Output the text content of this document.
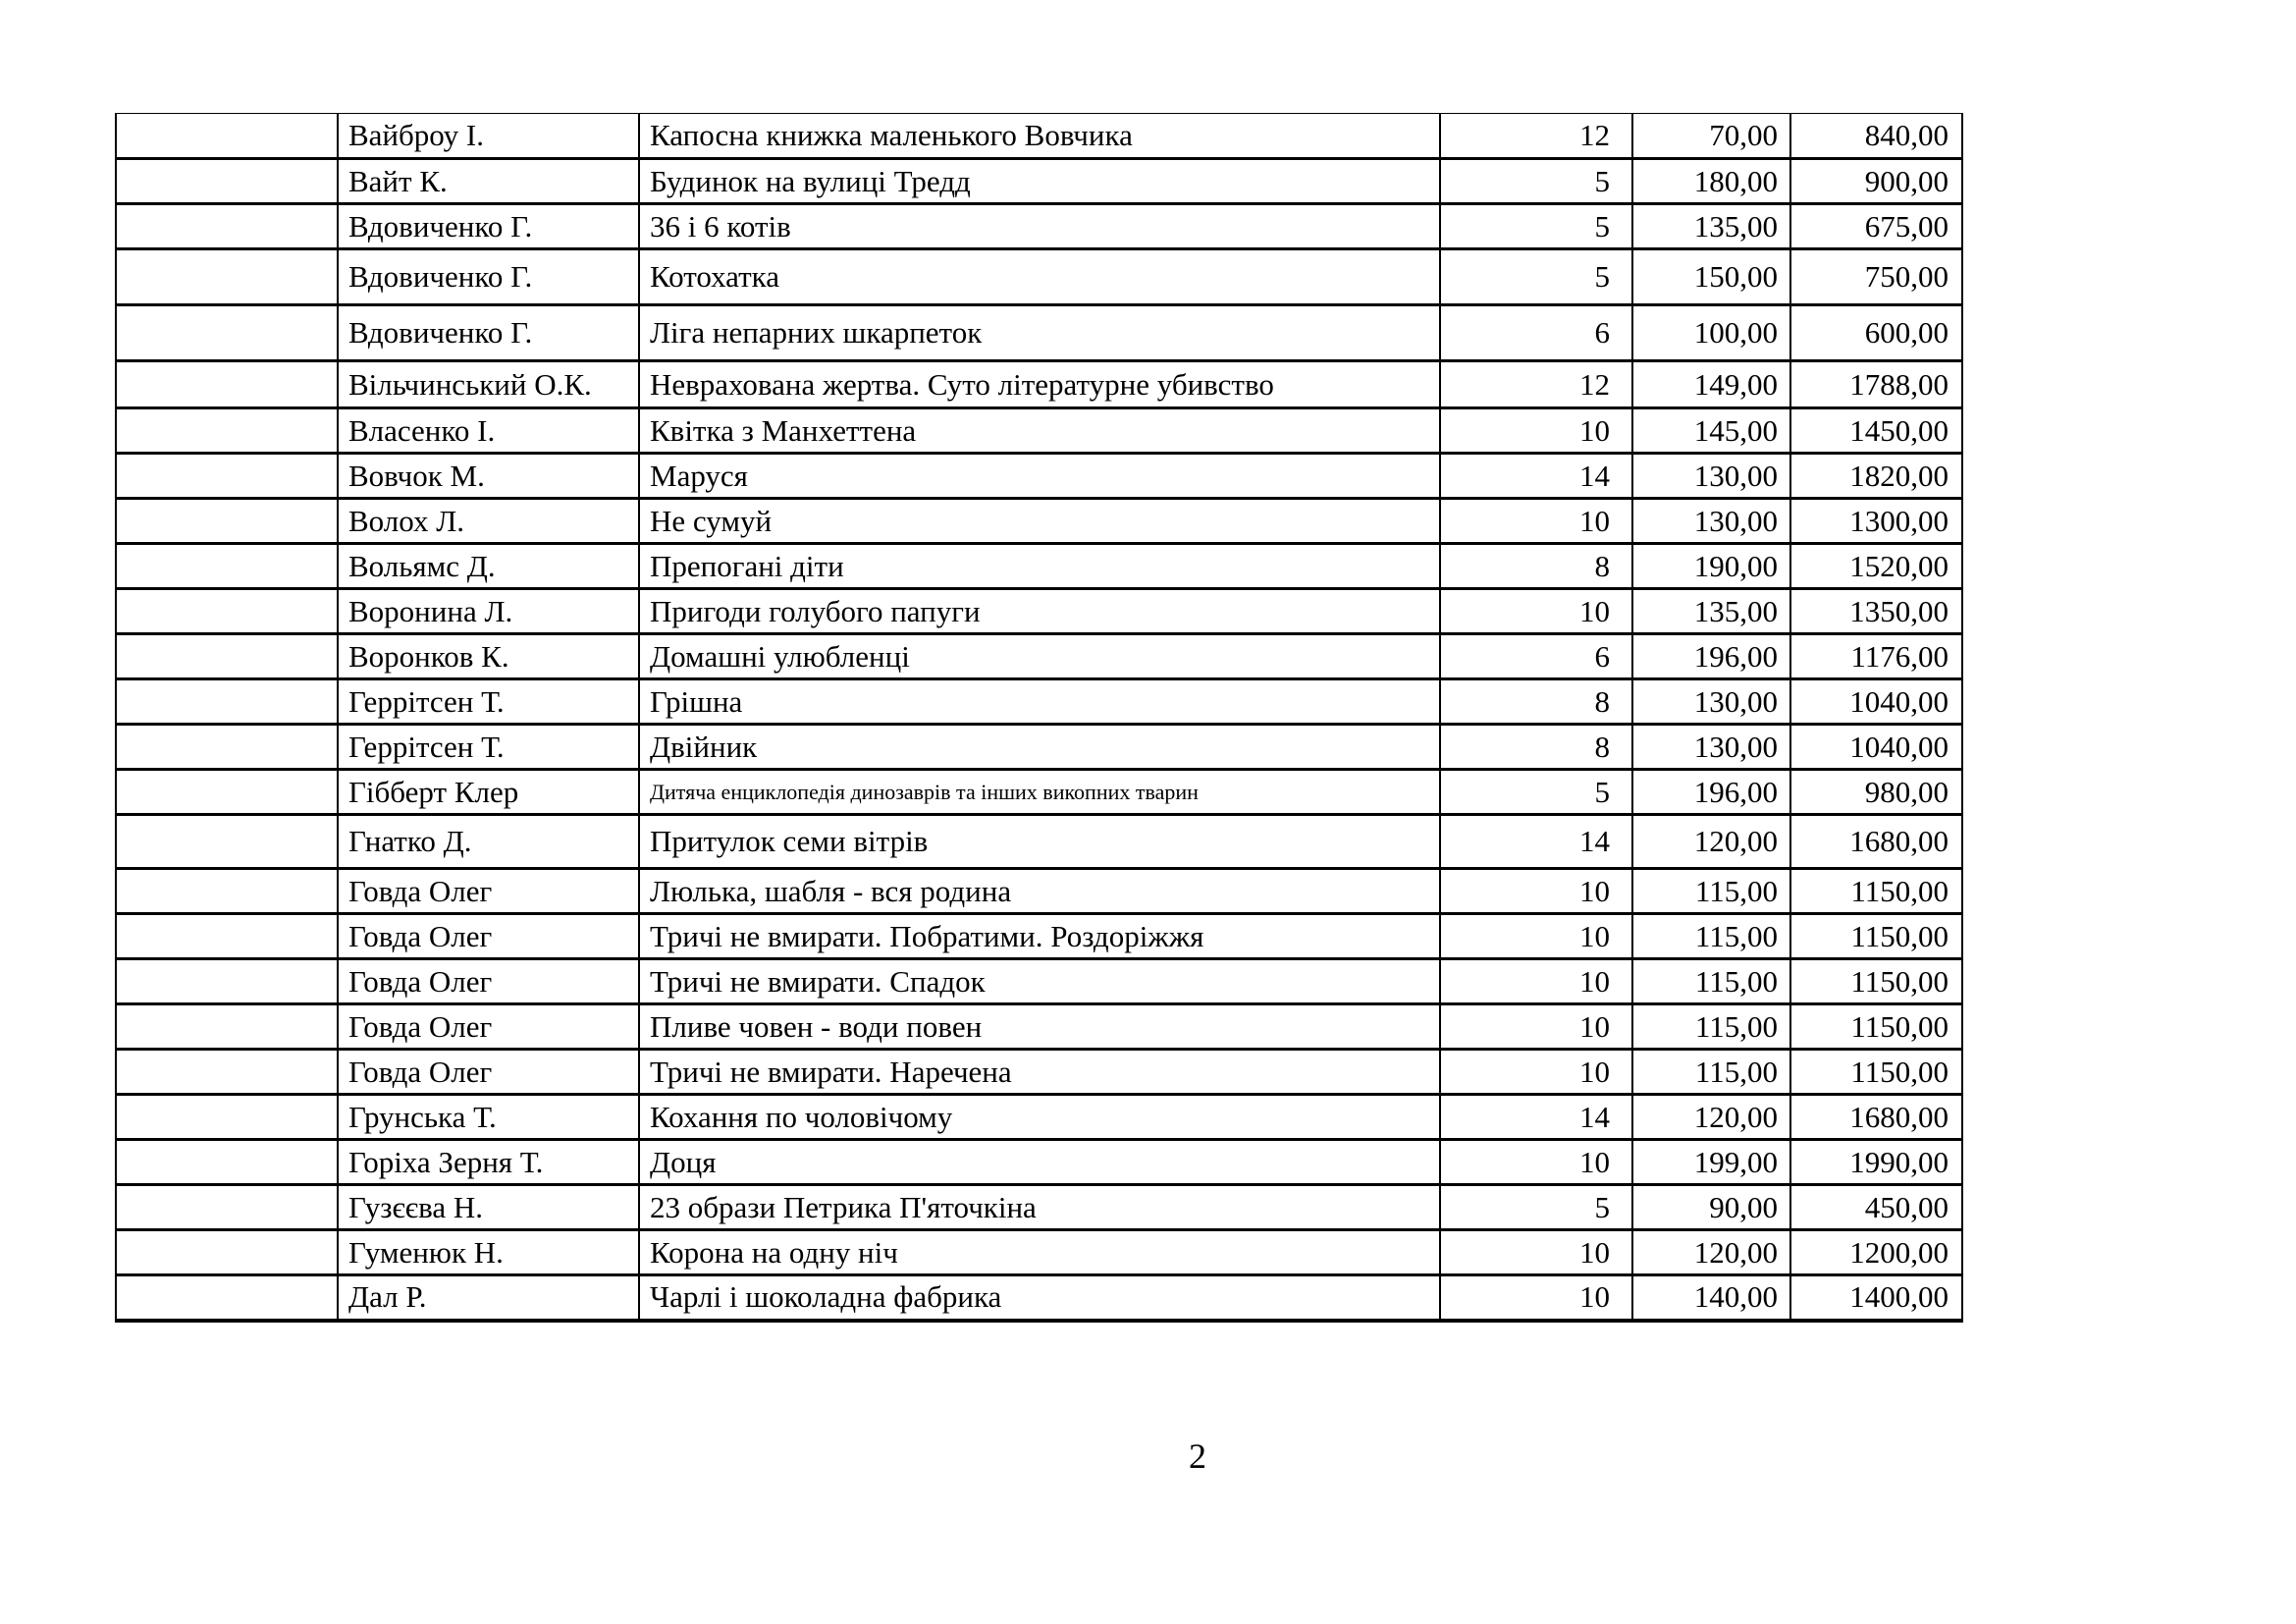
	Вайброу І.	Капосна книжка маленького Вовчика	12	70,00	840,00
	Вайт К.	Будинок на вулиці Тредд	5	180,00	900,00
	Вдовиченко Г.	36 і 6 котів	5	135,00	675,00
	Вдовиченко Г.	Котохатка	5	150,00	750,00
	Вдовиченко Г.	Ліга непарних шкарпеток	6	100,00	600,00
	Вільчинський О.К.	Неврахована жертва. Суто літературне убивство	12	149,00	1788,00
	Власенко І.	Квітка з Манхеттена	10	145,00	1450,00
	Вовчок М.	Маруся	14	130,00	1820,00
	Волох Л.	Не сумуй	10	130,00	1300,00
	Вольямс Д.	Препогані діти	8	190,00	1520,00
	Воронина Л.	Пригоди голубого папуги	10	135,00	1350,00
	Воронков К.	Домашні улюбленці	6	196,00	1176,00
	Геррітсен Т.	Грішна	8	130,00	1040,00
	Геррітсен Т.	Двійник	8	130,00	1040,00
	Гібберт Клер	Дитяча енциклопедія динозаврів та інших викопних тварин	5	196,00	980,00
	Гнатко Д.	Притулок семи вітрів	14	120,00	1680,00
	Говда Олег	Люлька, шабля - вся родина	10	115,00	1150,00
	Говда Олег	Тричі не вмирати. Побратими. Роздоріжжя	10	115,00	1150,00
	Говда Олег	Тричі не вмирати. Спадок	10	115,00	1150,00
	Говда Олег	Пливе човен - води повен	10	115,00	1150,00
	Говда Олег	Тричі не вмирати. Наречена	10	115,00	1150,00
	Грунська Т.	Кохання по чоловічому	14	120,00	1680,00
	Горіха Зерня Т.	Доця	10	199,00	1990,00
	Гузєєва Н.	23 образи Петрика П'яточкіна	5	90,00	450,00
	Гуменюк Н.	Корона на одну ніч	10	120,00	1200,00
	Дал Р.	Чарлі і шоколадна фабрика	10	140,00	1400,00
2
